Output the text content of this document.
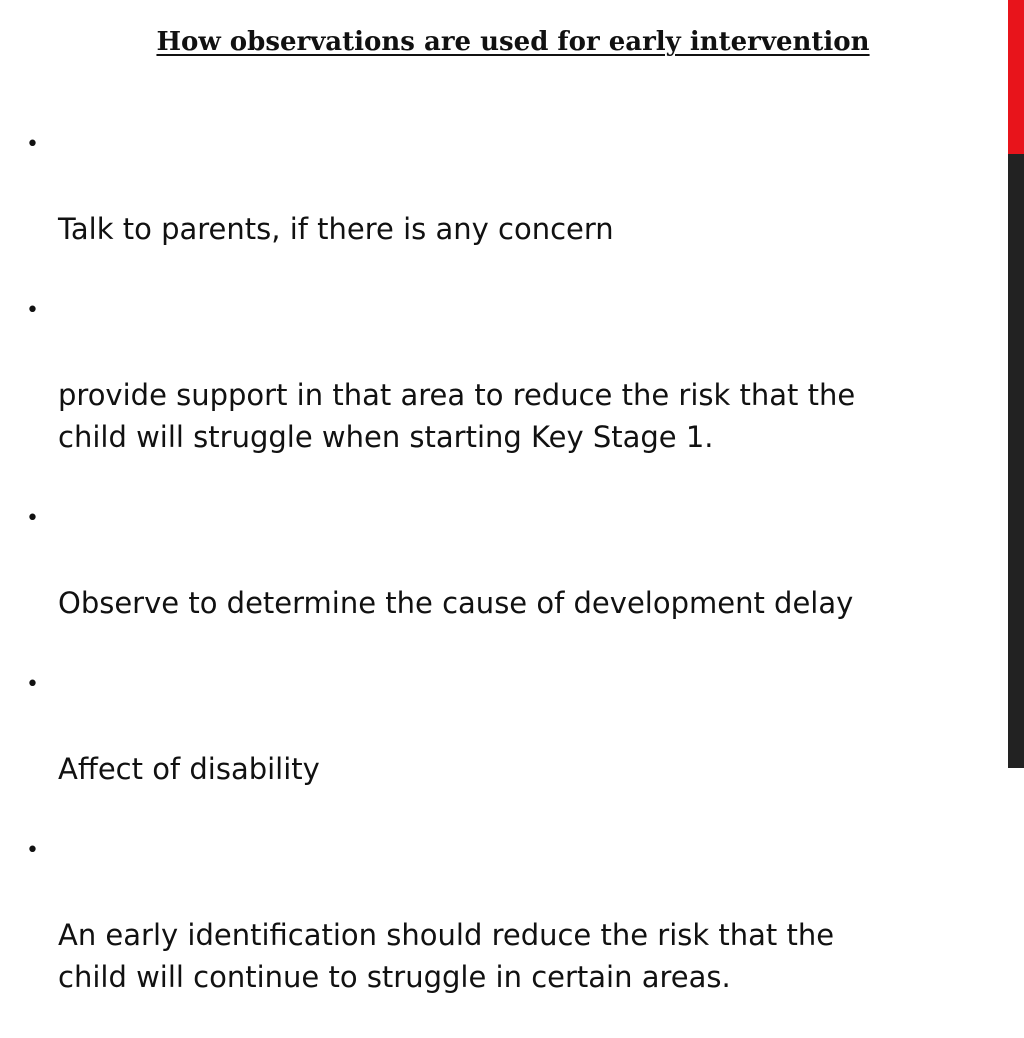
How observations are used for early intervention

•

Talk to parents, if there is any concern

•

provide support in that area to reduce the risk that the
child will struggle when starting Key Stage 1.

•

Observe to determine the cause of development delay

•

Affect of disability

•

An early identification should reduce the risk that the
child will continue to struggle in certain areas.
